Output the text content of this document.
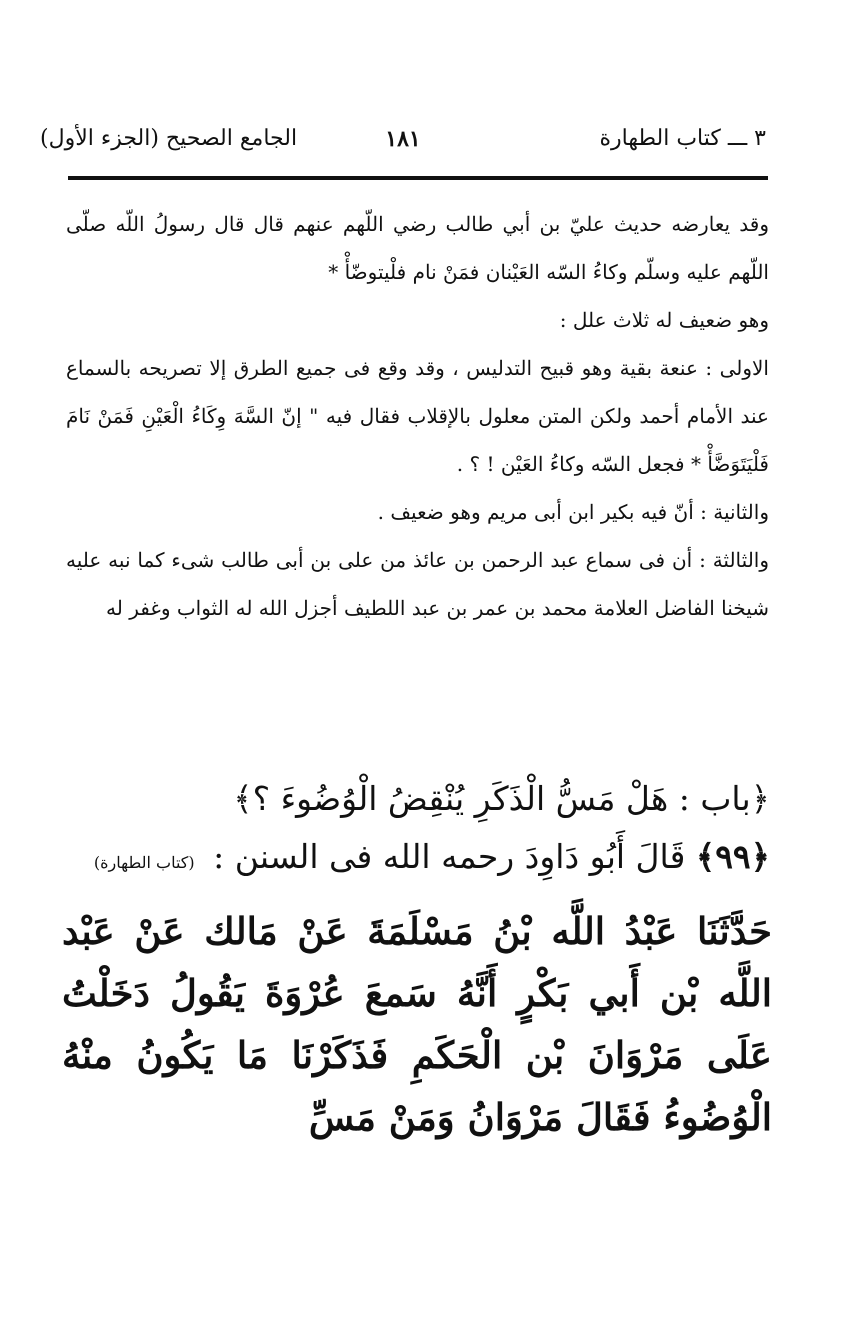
٣ ـــ كتاب الطهارة
١٨١
الجامع الصحيح (الجزء الأول)

وقد يعارضه حديث عليّ بن أبي طالب رضي اللّهم عنهم قال قال رسولُ اللّه صلّى اللّهم عليه وسلّم وكاءُ السّه العَيْنان فمَنْ نام فلْيتوضّأْ *

وهو ضعيف له ثلاث علل :

الاولى : عنعة بقية وهو قبيح التدليس ، وقد وقع فى جميع الطرق إلا تصريحه بالسماع عند الأمام أحمد ولكن المتن معلول بالإقلاب فقال فيه " إنّ السَّهَ وِكَاءُ الْعَيْنِ فَمَنْ نَامَ فَلْيَتَوَضَّأْ * فجعل السّه وكاءُ العَيْن ! ؟ .

والثانية : أنّ فيه بكير ابن أبى مريم وهو ضعيف .

والثالثة : أن فى سماع عبد الرحمن بن عائذ من على بن أبى طالب شىء كما نبه عليه شيخنا الفاضل العلامة محمد بن عمر بن عبد اللطيف أجزل الله له الثواب وغفر له

﴿باب : هَلْ مَسُّ الْذَكَرِ يُنْقِضُ الْوُضُوءَ ؟﴾

﴿٩٩﴾ قَالَ أَبُو دَاوِدَ رحمه الله فى السنن : (كتاب الطهارة)

حَدَّثَنَا عَبْدُ اللَّه بْنُ مَسْلَمَةَ عَنْ مَالك عَنْ عَبْد اللَّه بْن أَبي بَكْرٍ أَنَّهُ سَمعَ عُرْوَةَ يَقُولُ دَخَلْتُ عَلَى مَرْوَانَ بْن الْحَكَمِ فَذَكَرْنَا مَا يَكُونُ منْهُ الْوُضُوءُ فَقَالَ مَرْوَانُ وَمَنْ مَسِّ
